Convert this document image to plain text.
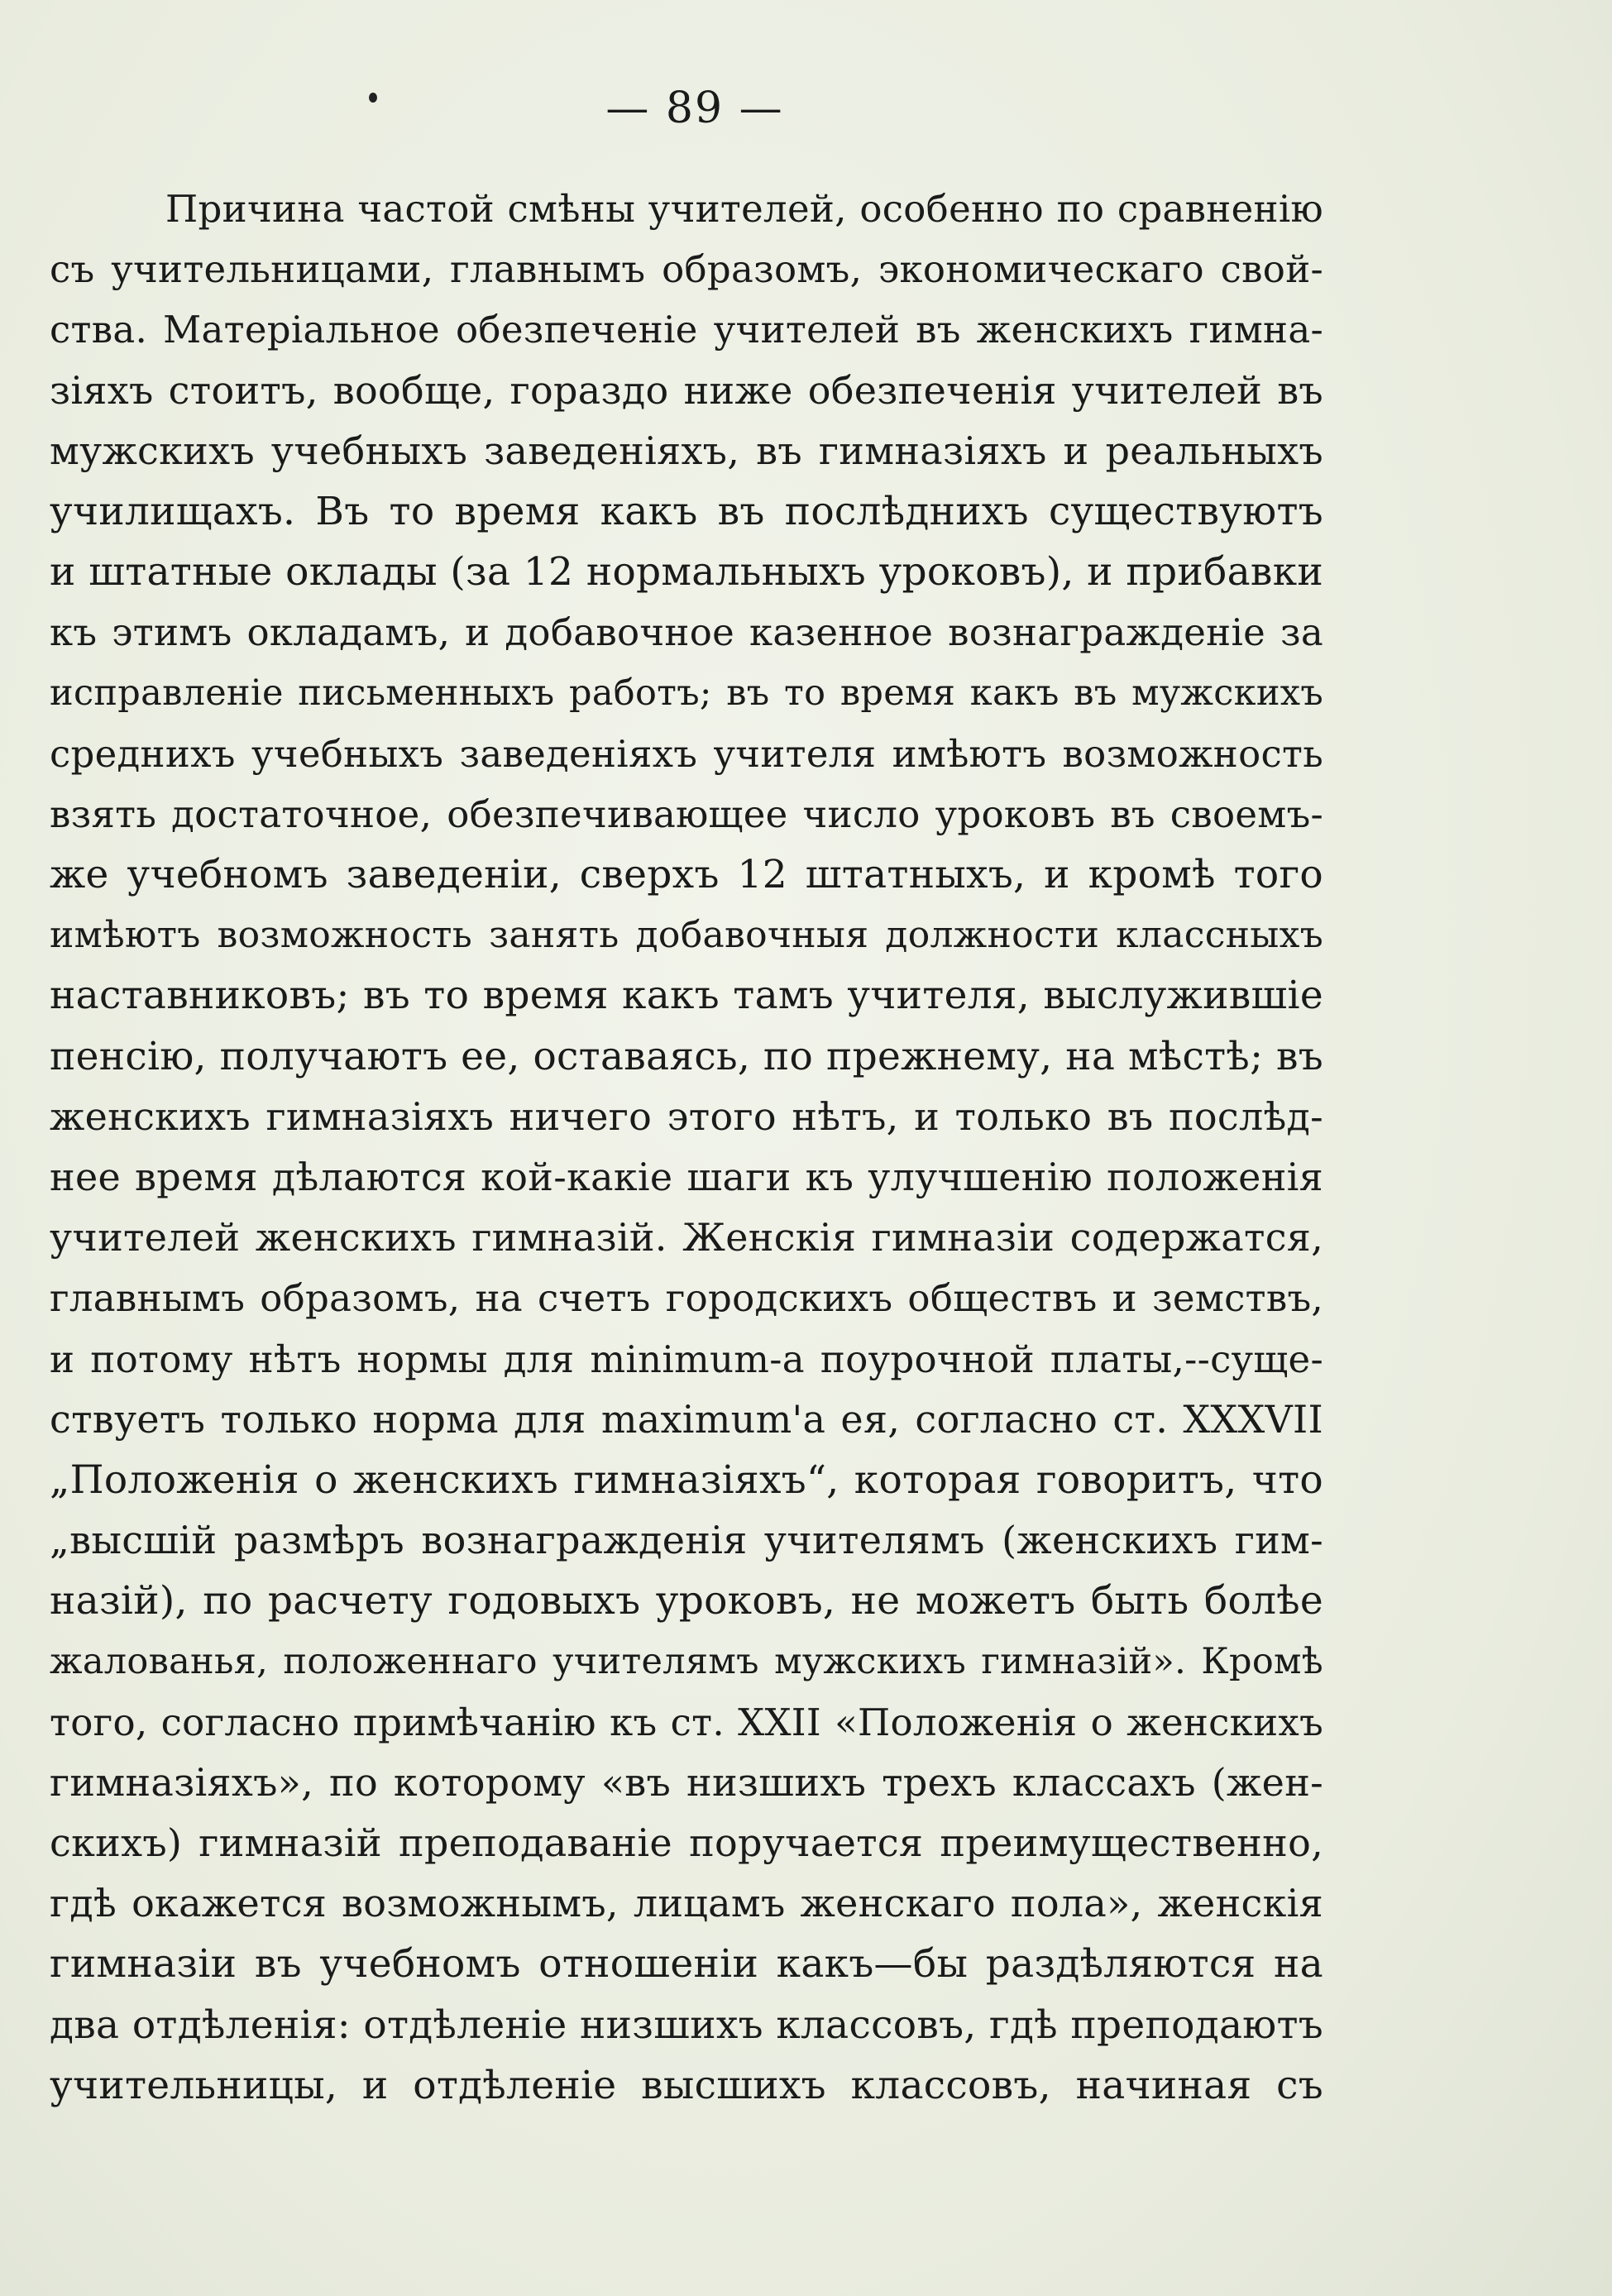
— 89 —
Причина частой смѣны учителей, особенно по сравненію
съ учительницами, главнымъ образомъ, экономическаго свой-
ства. Матеріальное обезпеченіе учителей въ женскихъ гимна-
зіяхъ стоитъ, вообще, гораздо ниже обезпеченія учителей въ
мужскихъ учебныхъ заведеніяхъ, въ гимназіяхъ и реальныхъ
училищахъ. Въ то время какъ въ послѣднихъ существуютъ
и штатные оклады (за 12 нормальныхъ уроковъ), и прибавки
къ этимъ окладамъ, и добавочное казенное вознагражденіе за
исправленіе письменныхъ работъ; въ то время какъ въ мужскихъ
среднихъ учебныхъ заведеніяхъ учителя имѣютъ возможность
взять достаточное, обезпечивающее число уроковъ въ своемъ-
же учебномъ заведеніи, сверхъ 12 штатныхъ, и кромѣ того
имѣютъ возможность занять добавочныя должности классныхъ
наставниковъ; въ то время какъ тамъ учителя, выслужившіе
пенсію, получаютъ ее, оставаясь, по прежнему, на мѣстѣ; въ
женскихъ гимназіяхъ ничего этого нѣтъ, и только въ послѣд-
нее время дѣлаются кой-какіе шаги къ улучшенію положенія
учителей женскихъ гимназій. Женскія гимназіи содержатся,
главнымъ образомъ, на счетъ городскихъ обществъ и земствъ,
и потому нѣтъ нормы для minimum-а поурочной платы,--суще-
ствуетъ только норма для maximum'а ея, согласно ст. XXXVII
„Положенія о женскихъ гимназіяхъ“, которая говоритъ, что
„высшій размѣръ вознагражденія учителямъ (женскихъ гим-
назій), по расчету годовыхъ уроковъ, не можетъ быть болѣе
жалованья, положеннаго учителямъ мужскихъ гимназій». Кромѣ
того, согласно примѣчанію къ ст. XXII «Положенія о женскихъ
гимназіяхъ», по которому «въ низшихъ трехъ классахъ (жен-
скихъ) гимназій преподаваніе поручается преимущественно,
гдѣ окажется возможнымъ, лицамъ женскаго пола», женскія
гимназіи въ учебномъ отношеніи какъ—бы раздѣляются на
два отдѣленія: отдѣленіе низшихъ классовъ, гдѣ преподаютъ
учительницы, и отдѣленіе высшихъ классовъ, начиная съ
